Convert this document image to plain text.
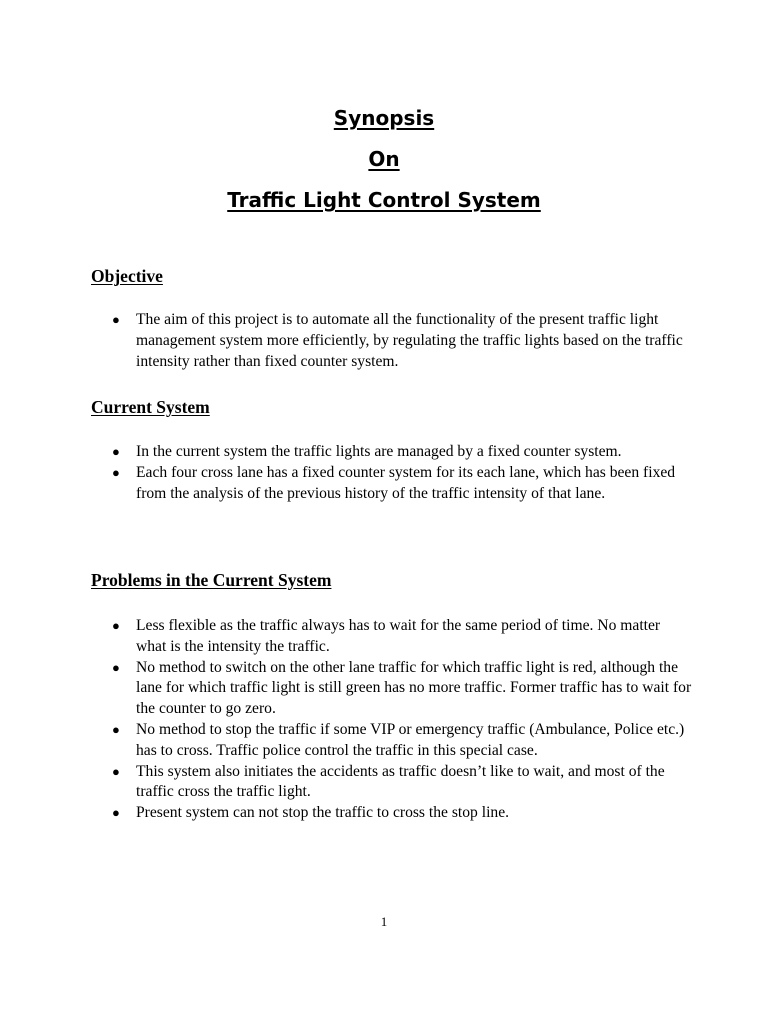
Synopsis
On
Traffic Light Control System
Objective
● The aim of this project is to automate all the functionality of the present traffic light management system more efficiently, by regulating the traffic lights based on the traffic intensity rather than fixed counter system.
Current System
● In the current system the traffic lights are managed by a fixed counter system.
● Each four cross lane has a fixed counter system for its each lane, which has been fixed from the analysis of the previous history of the traffic intensity of that lane.
Problems in the Current System
● Less flexible as the traffic always has to wait for the same period of time. No matter what is the intensity the traffic.
● No method to switch on the other lane traffic for which traffic light is red, although the lane for which traffic light is still green has no more traffic. Former traffic has to wait for the counter to go zero.
● No method to stop the traffic if some VIP or emergency traffic (Ambulance, Police etc.) has to cross. Traffic police control the traffic in this special case.
● This system also initiates the accidents as traffic doesn’t like to wait, and most of the traffic cross the traffic light.
● Present system can not stop the traffic to cross the stop line.
1
